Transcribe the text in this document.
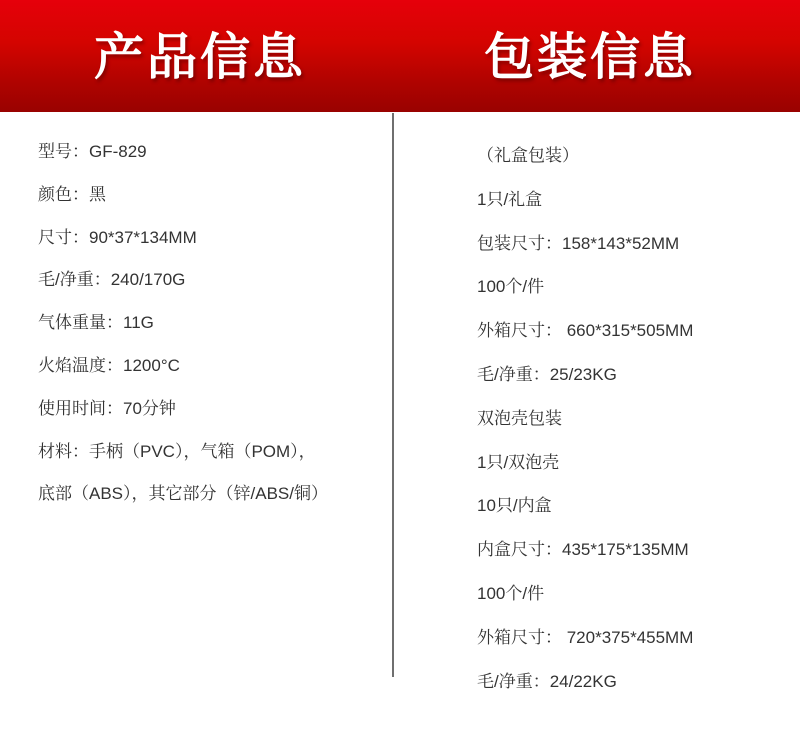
产品信息	包装信息
型号：GF-829
颜色：黑
尺寸：90*37*134MM
毛/净重：240/170G
气体重量：11G
火焰温度：1200°C
使用时间：70分钟
材料：手柄（PVC），气箱（POM），
底部（ABS），其它部分（锌/ABS/铜）
（礼盒包装）
1只/礼盒
包装尺寸：158*143*52MM
100个/件
外箱尺寸： 660*315*505MM
毛/净重：25/23KG
双泡壳包装
1只/双泡壳
10只/内盒
内盒尺寸：435*175*135MM
100个/件
外箱尺寸： 720*375*455MM
毛/净重：24/22KG
